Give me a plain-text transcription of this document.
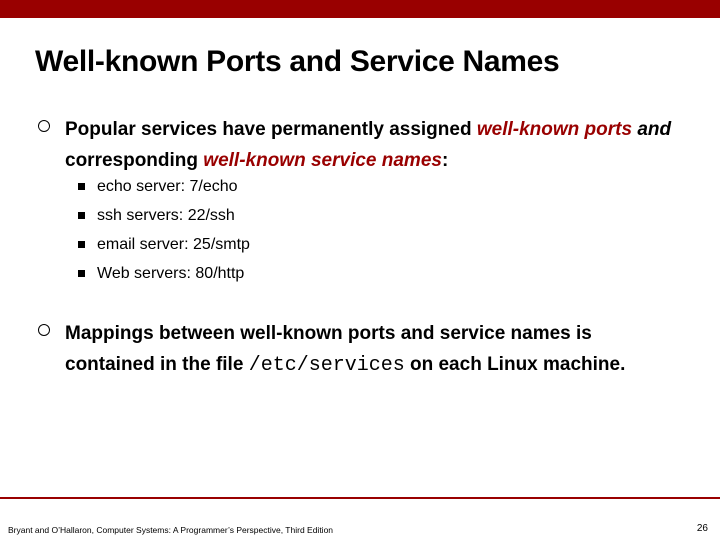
Well-known Ports and Service Names
Popular services have permanently assigned well-known ports and corresponding well-known service names:
echo server: 7/echo
ssh servers: 22/ssh
email server: 25/smtp
Web servers: 80/http
Mappings between well-known ports and service names is contained in the file /etc/services on each Linux machine.
Bryant and O’Hallaron, Computer Systems: A Programmer’s Perspective, Third Edition	26
